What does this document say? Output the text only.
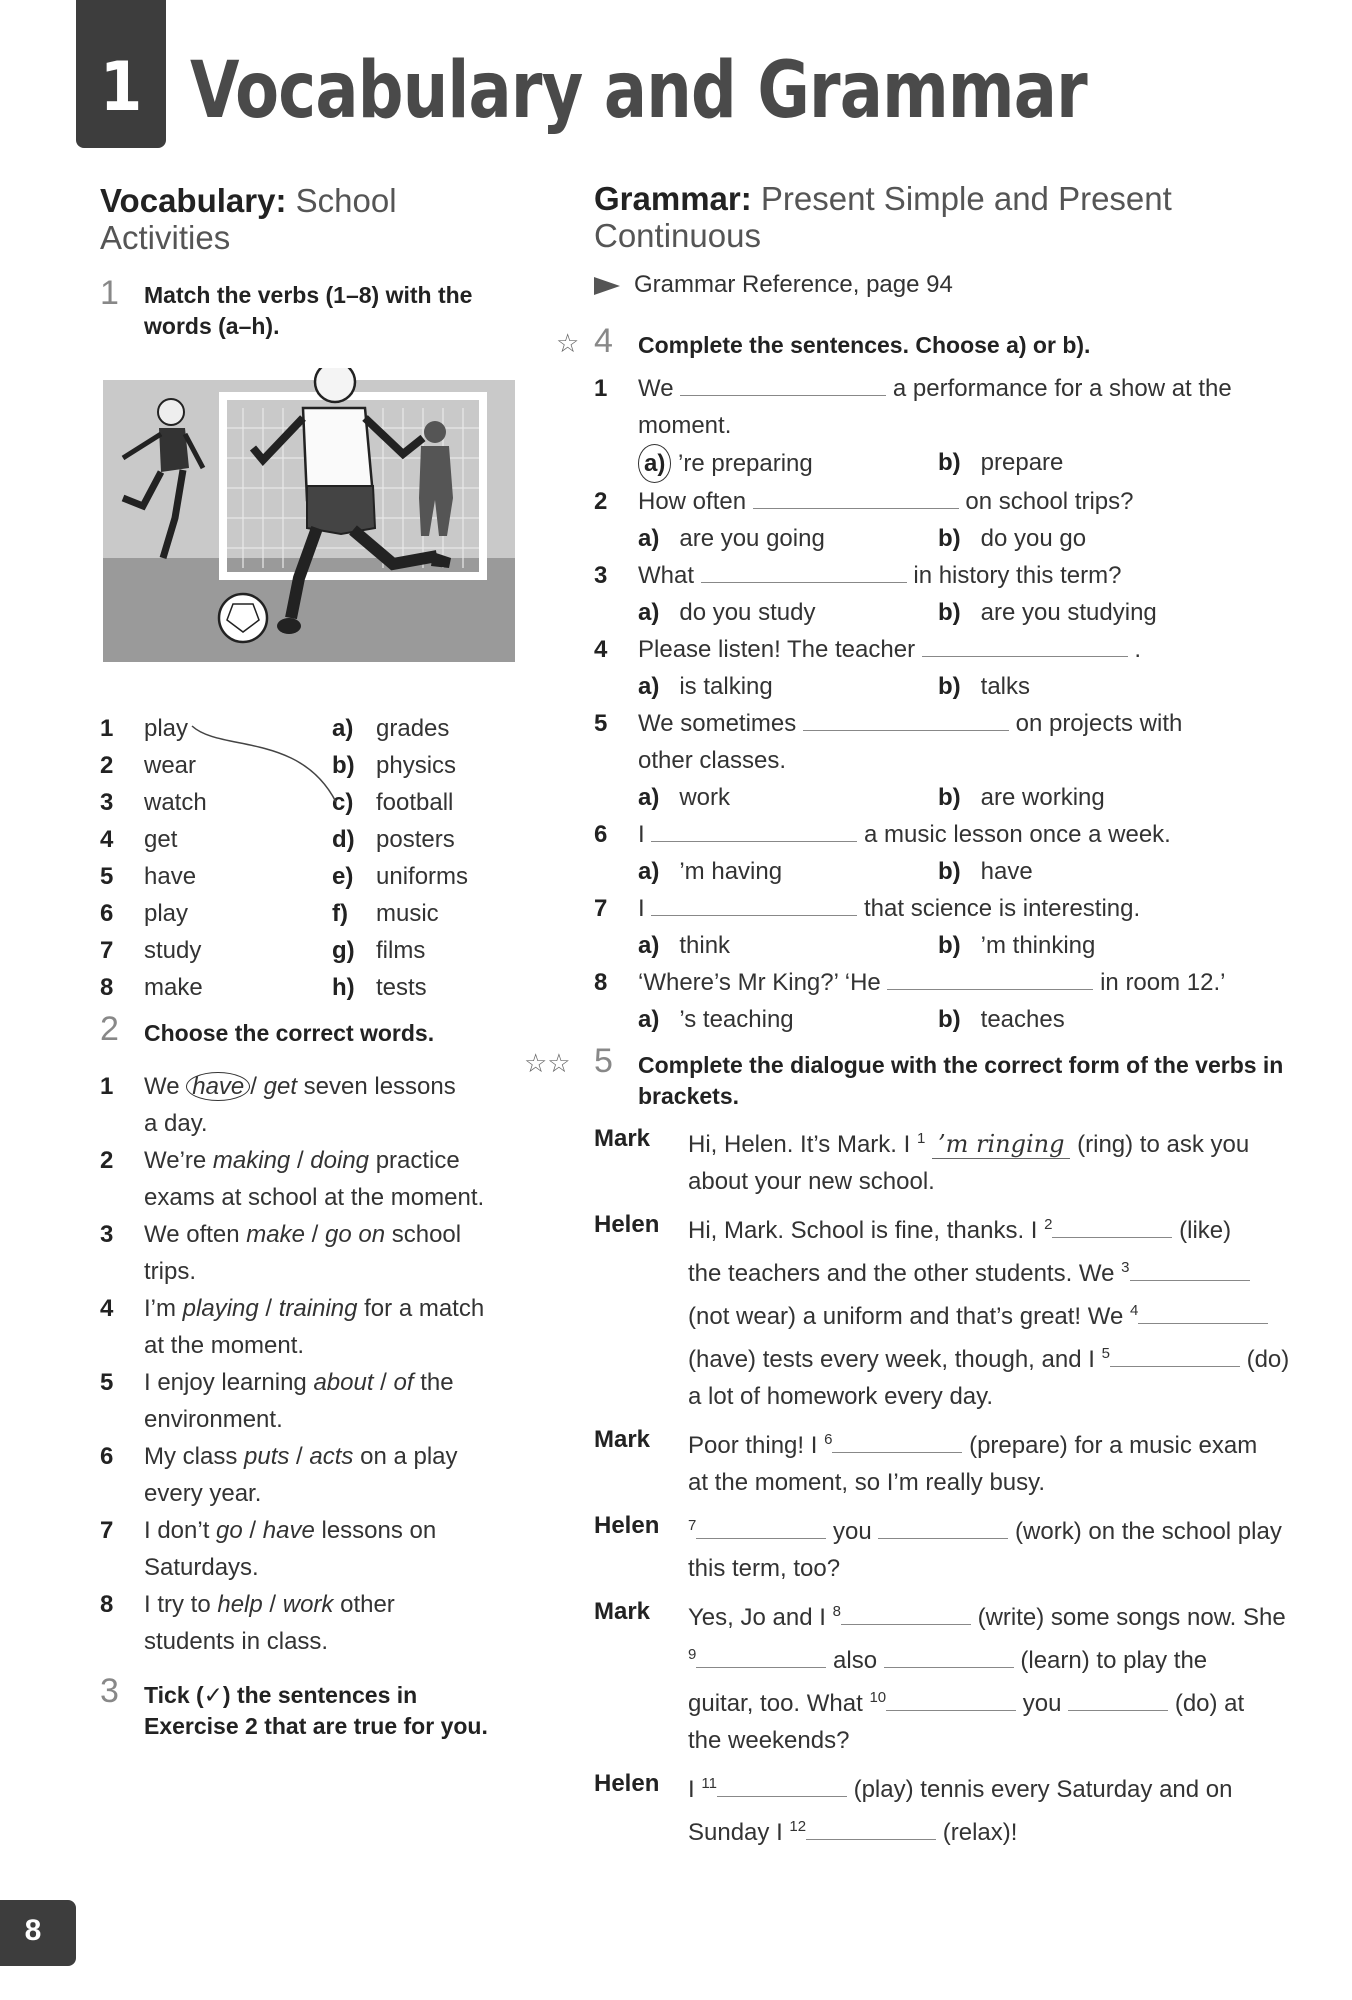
1 Vocabulary and Grammar
Vocabulary: School
Activities
1 Match the verbs (1–8) with the
words (a–h).
1 play	a) grades
2 wear	b) physics
3 watch	c) football
4 get	d) posters
5 have	e) uniforms
6 play	f) music
7 study	g) films
8 make	h) tests
2 Choose the correct words.
1 We have / get seven lessons
a day.
2 We’re making / doing practice
exams at school at the moment.
3 We often make / go on school
trips.
4 I’m playing / training for a match
at the moment.
5 I enjoy learning about / of the
environment.
6 My class puts / acts on a play
every year.
7 I don’t go / have lessons on
Saturdays.
8 I try to help / work other
students in class.
3 Tick (✓) the sentences in
Exercise 2 that are true for you.
Grammar: Present Simple and Present
Continuous
Grammar Reference, page 94
☆ 4 Complete the sentences. Choose a) or b).
1 We	a performance for a show at the
moment.
a) ’re preparing	b)   prepare
2 How often	on school trips?
a)   are you going	b)   do you go
3 What	in history this term?
a)   do you study	b)   are you studying
4 Please listen! The teacher	.
a)   is talking	b)   talks
5 We sometimes	on projects with
other classes.
a)   work	b)   are working
6 I	a music lesson once a week.
a)   ’m having	b)   have
7 I	that science is interesting.
a)   think	b)   ’m thinking
8 ‘Where’s Mr King?’ ‘He	in room 12.’
a)   ’s teaching	b)   teaches
☆☆ 5 Complete the dialogue with the correct form of the verbs in
brackets.
Mark Hi, Helen. It’s Mark. I $^1$ ’m ringing (ring) to ask you
about your new school.
Helen Hi, Mark. School is fine, thanks. I $^2$	(like)
the teachers and the other students. We $^3$
(not wear) a uniform and that’s great! We $^4$
(have) tests every week, though, and I $^5$	(do)
a lot of homework every day.
Mark Poor thing! I $^6$	(prepare) for a music exam
at the moment, so I’m really busy.
Helen $^7$	you	(work) on the school play
this term, too?
Mark Yes, Jo and I $^8$	(write) some songs now. She
$^9$	also	(learn) to play the
guitar, too. What $^{10}$	you	(do) at
the weekends?
Helen I $^{11}$	(play) tennis every Saturday and on
Sunday I $^{12}$	(relax)!
8
